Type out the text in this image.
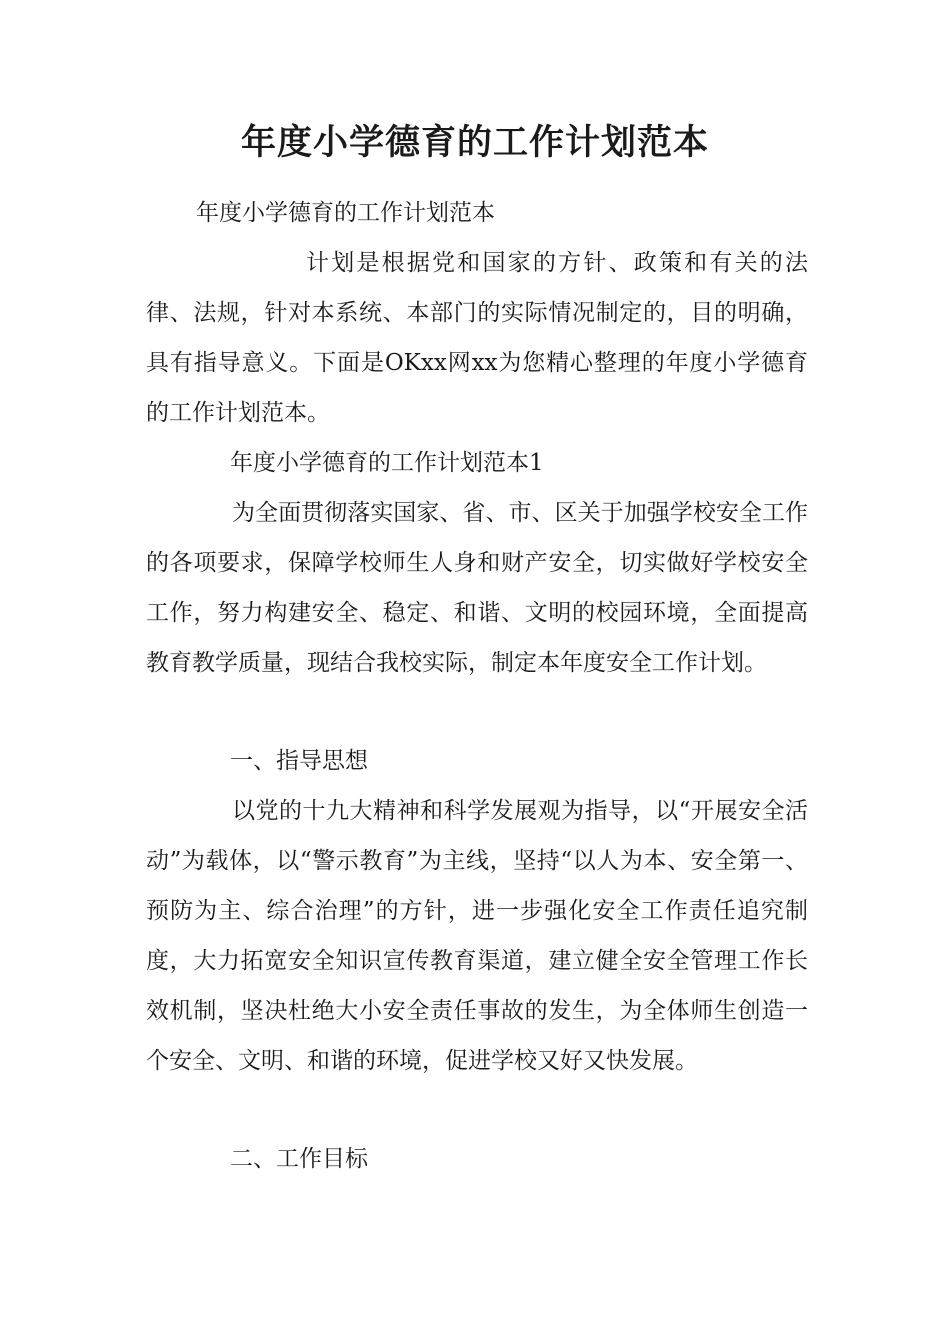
年度小学德育的工作计划范本

年度小学德育的工作计划范本

计划是根据党和国家的方针、政策和有关的法律、法规，针对本系统、本部门的实际情况制定的，目的明确，具有指导意义。下面是OKxx网xx为您精心整理的年度小学德育的工作计划范本。

年度小学德育的工作计划范本1

为全面贯彻落实国家、省、市、区关于加强学校安全工作的各项要求，保障学校师生人身和财产安全，切实做好学校安全工作，努力构建安全、稳定、和谐、文明的校园环境，全面提高教育教学质量，现结合我校实际，制定本年度安全工作计划。

一、指导思想

以党的十九大精神和科学发展观为指导，以“开展安全活动”为载体，以“警示教育”为主线，坚持“以人为本、安全第一、预防为主、综合治理”的方针，进一步强化安全工作责任追究制度，大力拓宽安全知识宣传教育渠道，建立健全安全管理工作长效机制，坚决杜绝大小安全责任事故的发生，为全体师生创造一个安全、文明、和谐的环境，促进学校又好又快发展。

二、工作目标
